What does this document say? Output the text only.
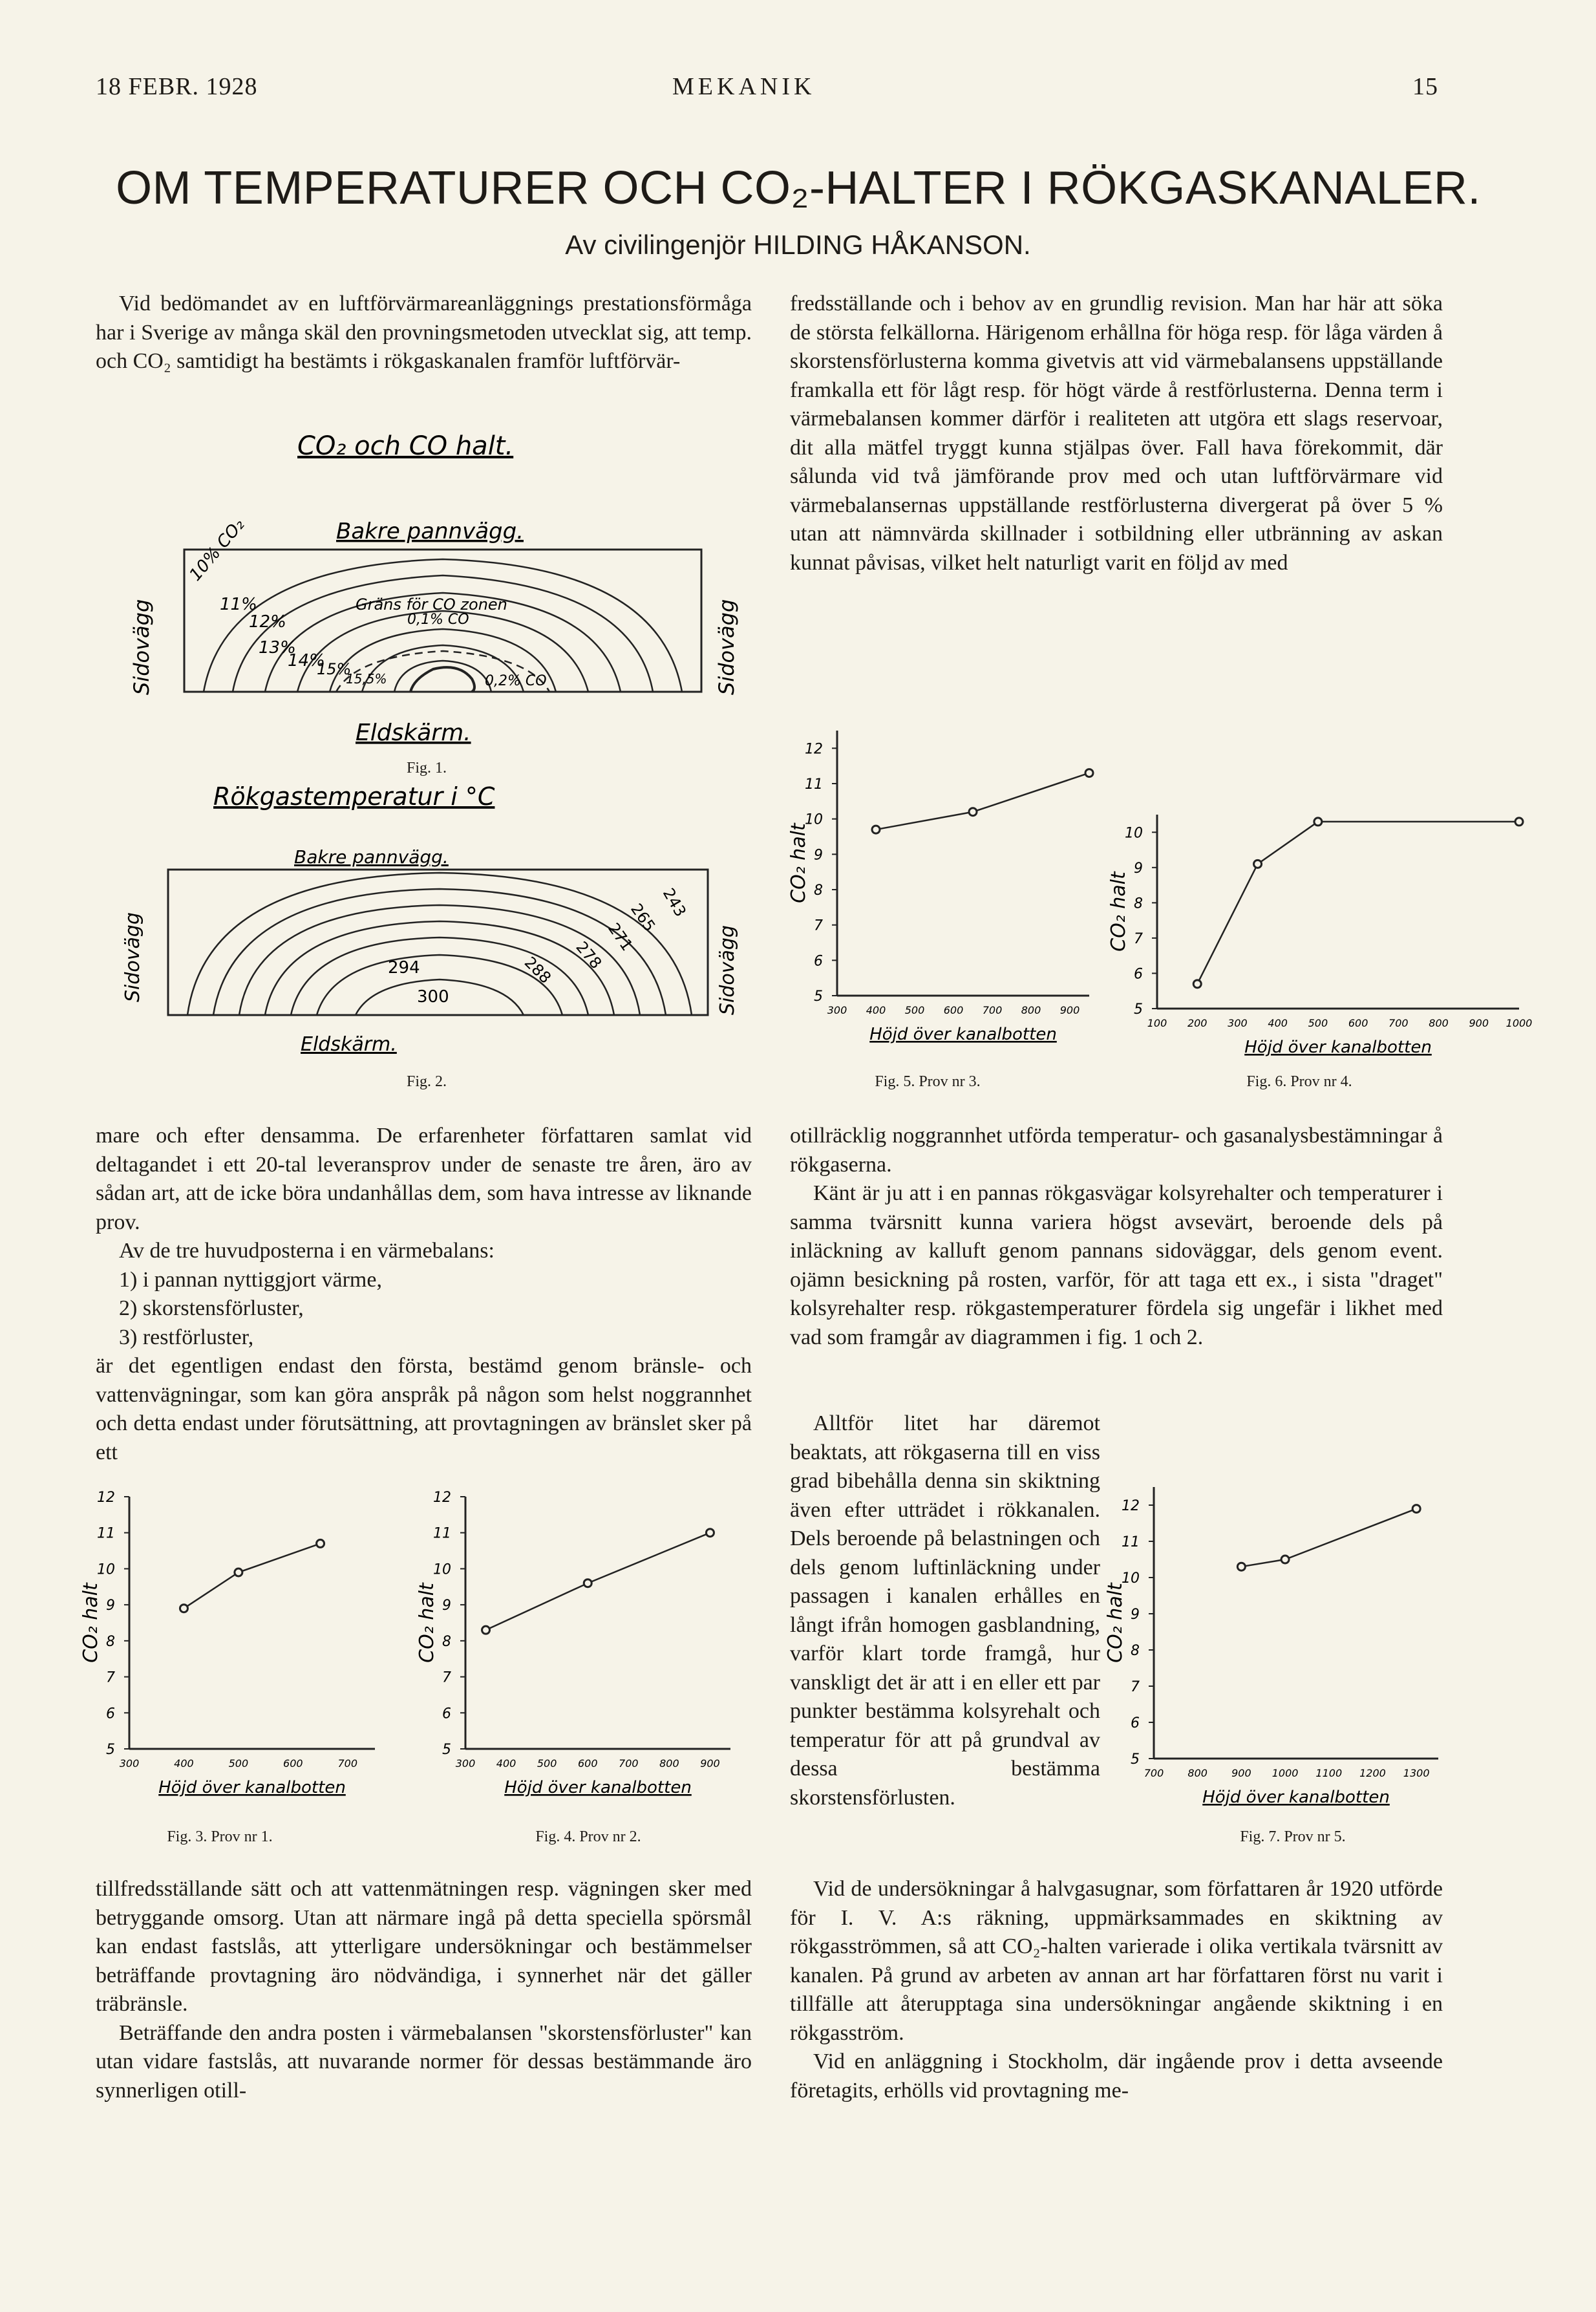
18 FEBR. 1928	MEKANIK	15
OM TEMPERATURER OCH CO₂-HALTER I RÖKGASKANALER.
Av civilingenjör HILDING HÅKANSON.

Vid bedömandet av en luftförvärmareanläggnings prestationsförmåga har i Sverige av många skäl den provningsmetoden utvecklat sig, att temp. och CO₂ samtidigt ha bestämts i rökgaskanalen framför luftförvär-

fredsställande och i behov av en grundlig revision. Man har här att söka de största felkällorna. Härigenom erhållna för höga resp. för låga värden å skorstensförlusterna komma givetvis att vid värmebalansens uppställande framkalla ett för lågt resp. för högt värde å restförlusterna. Denna term i värmebalansen kommer därför i realiteten att utgöra ett slags reservoar, dit alla mätfel tryggt kunna stjälpas över. Fall hava förekommit, där sålunda vid två jämförande prov med och utan luftförvärmare vid värmebalansernas uppställande restförlusterna divergerat på över 5 % utan att nämnvärda skillnader i sotbildning eller utbränning av askan kunnat påvisas, vilket helt naturligt varit en följd av med

CO₂ och CO halt.
Bakre pannvägg.
10% CO₂
11%
12%
13%
14%
15%
15,5%
0,1% CO
0,2% CO
Gräns för CO zonen
Sidovägg	Sidovägg
Eldskärm.
Fig. 1.
Rökgastemperatur i °C
Bakre pannvägg.
243
265
271
278
288
294
300
Sidovägg	Sidovägg
Eldskärm.
Fig. 2.
5
6
7
8
9
10
11
12
300 400 500 600 700 800 900
Höjd över kanalbotten
CO₂ halt
Fig. 5. Prov nr 3.
5
6
7
8
9
10
100 200 300 400 500 600 700 800 900 1000
Höjd över kanalbotten
CO₂ halt
Fig. 6. Prov nr 4.

mare och efter densamma. De erfarenheter författaren samlat vid deltagandet i ett 20-tal leveransprov under de senaste tre åren, äro av sådan art, att de icke böra undanhållas dem, som hava intresse av liknande prov.

Av de tre huvudposterna i en värmebalans:

1) i pannan nyttiggjort värme,

2) skorstensförluster,

3) restförluster,

är det egentligen endast den första, bestämd genom bränsle- och vattenvägningar, som kan göra anspråk på någon som helst noggrannhet och detta endast under förutsättning, att provtagningen av bränslet sker på ett

otillräcklig noggrannhet utförda temperatur- och gasanalysbestämningar å rökgaserna.

Känt är ju att i en pannas rökgasvägar kolsyrehalter och temperaturer i samma tvärsnitt kunna variera högst avsevärt, beroende dels på inläckning av kalluft genom pannans sidoväggar, dels genom event. ojämn besickning på rosten, varför, för att taga ett ex., i sista "draget" kolsyrehalter resp. rökgastemperaturer fördela sig ungefär i likhet med vad som framgår av diagrammen i fig. 1 och 2.

Alltför litet har däremot beaktats, att rökgaserna till en viss grad bibehålla denna sin skiktning även efter utträdet i rökkanalen. Dels beroende på belastningen och dels genom luftinläckning under passagen i kanalen erhålles en långt ifrån homogen gasblandning, varför klart torde framgå, hur vanskligt det är att i en eller ett par punkter bestämma kolsyrehalt och temperatur för att på grundval av dessa bestämma skorstensförlusten.

5
6
7
8
9
10
11
12
300	400	500	600	700
Höjd över kanalbotten
CO₂ halt
Fig. 3. Prov nr 1.
5
6
7
8
9
10
11
12
300 400 500 600 700 800 900
Höjd över kanalbotten
CO₂ halt
Fig. 4. Prov nr 2.
5
6
7
8
9
10
11
12
700 800 900 1000 1100 1200 1300
Höjd över kanalbotten
CO₂ halt
Fig. 7. Prov nr 5.

tillfredsställande sätt och att vattenmätningen resp. vägningen sker med betryggande omsorg. Utan att närmare ingå på detta speciella spörsmål kan endast fastslås, att ytterligare undersökningar och bestämmelser beträffande provtagning äro nödvändiga, i synnerhet när det gäller träbränsle.

Beträffande den andra posten i värmebalansen "skorstensförluster" kan utan vidare fastslås, att nuvarande normer för dessas bestämmande äro synnerligen otill-

Vid de undersökningar å halvgasugnar, som författaren år 1920 utförde för I. V. A:s räkning, uppmärksammades en skiktning av rökgasströmmen, så att CO₂-halten varierade i olika vertikala tvärsnitt av kanalen. På grund av arbeten av annan art har författaren först nu varit i tillfälle att återupptaga sina undersökningar angående skiktning i en rökgasström.

Vid en anläggning i Stockholm, där ingående prov i detta avseende företagits, erhölls vid provtagning me-
